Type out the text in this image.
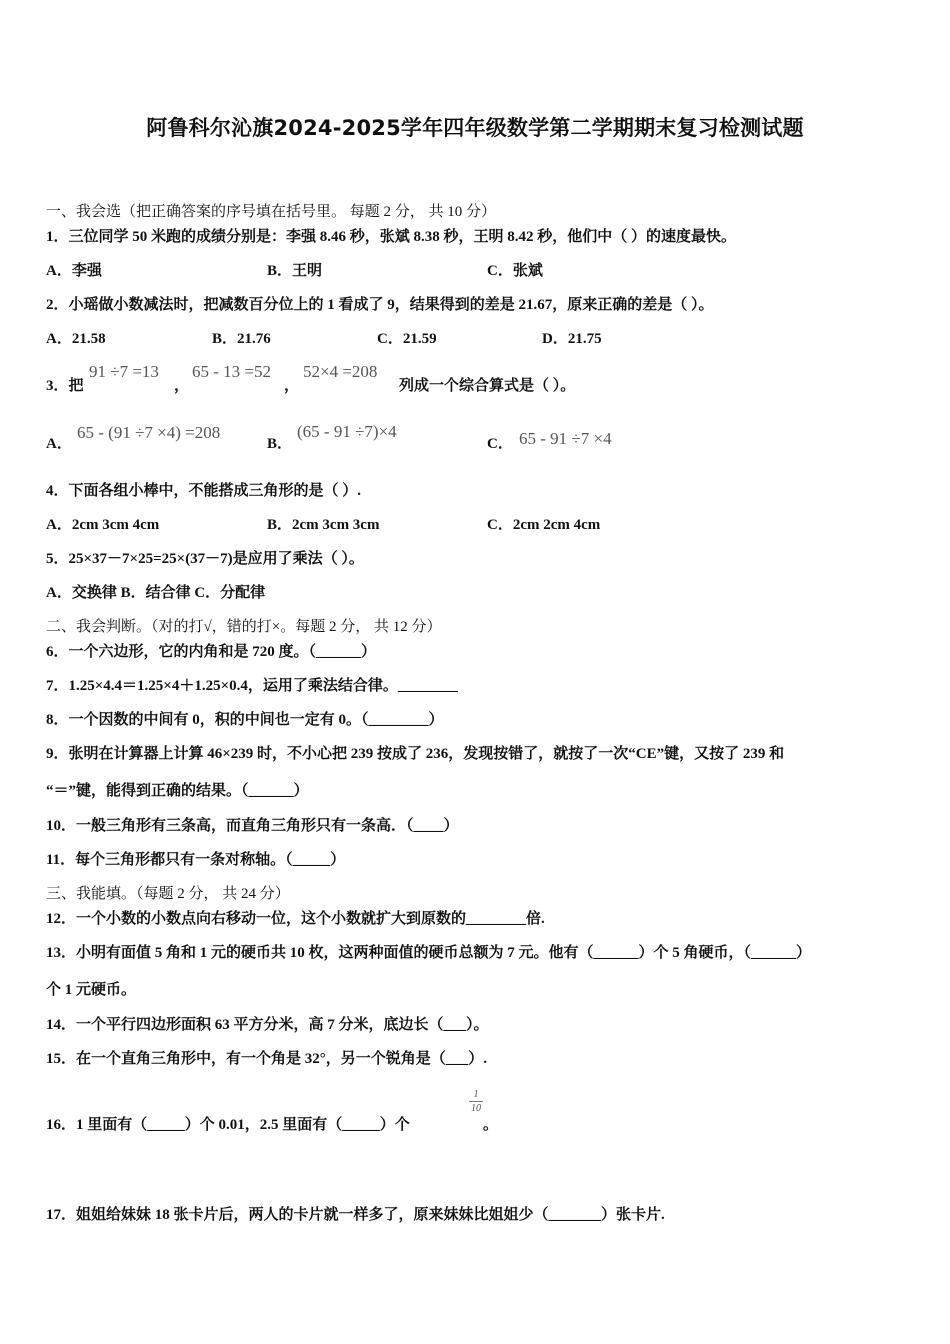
阿鲁科尔沁旗2024-2025学年四年级数学第二学期期末复习检测试题
一、我会选（把正确答案的序号填在括号里。 每题 2 分， 共 10 分）
1．三位同学 50 米跑的成绩分别是：李强 8.46 秒，张斌 8.38 秒，王明 8.42 秒，他们中（ ）的速度最快。
A．李强	B．王明	C．张斌
2．小瑶做小数减法时，把减数百分位上的 1 看成了 9，结果得到的差是 21.67，原来正确的差是（ ）。
A．21.58	B．21.76	C．21.59	D．21.75
3．把
91 ÷7 =13
，
65 - 13 =52
，
52×4 =208
列成一个综合算式是（ ）。
A．
65 - (91 ÷7 ×4) =208
B．
(65 - 91 ÷7)×4
C． 65 - 91 ÷7 ×4
4．下面各组小棒中，不能搭成三角形的是（ ）.
A．2cm 3cm 4cm	B．2cm 3cm 3cm	C．2cm 2cm 4cm
5．25×37－7×25=25×(37－7)是应用了乘法（ ）。
A．交换律 B．结合律 C．分配律
二、我会判断。（对的打√，错的打×。每题 2 分， 共 12 分）
6．一个六边形，它的内角和是 720 度。（______）
7．1.25×4.4＝1.25×4＋1.25×0.4，运用了乘法结合律。________
8．一个因数的中间有 0，积的中间也一定有 0。（________）
9．张明在计算器上计算 46×239 时，不小心把 239 按成了 236，发现按错了，就按了一次“CE”键，又按了 239 和
“＝”键，能得到正确的结果。（______）
10．一般三角形有三条高，而直角三角形只有一条高．（____）
11．每个三角形都只有一条对称轴。（_____）
三、我能填。（每题 2 分， 共 24 分）
12．一个小数的小数点向右移动一位，这个小数就扩大到原数的________倍.
13．小明有面值 5 角和 1 元的硬币共 10 枚，这两种面值的硬币总额为 7 元。他有（______）个 5 角硬币，（______）
个 1 元硬币。
14．一个平行四边形面积 63 平方分米，高 7 分米，底边长（___）。
15．在一个直角三角形中，有一个角是 32°，另一个锐角是（___）.
16．1 里面有（_____）个 0.01，2.5 里面有（_____）个
1
10
。
17．姐姐给妹妹 18 张卡片后，两人的卡片就一样多了，原来妹妹比姐姐少（_______）张卡片.
